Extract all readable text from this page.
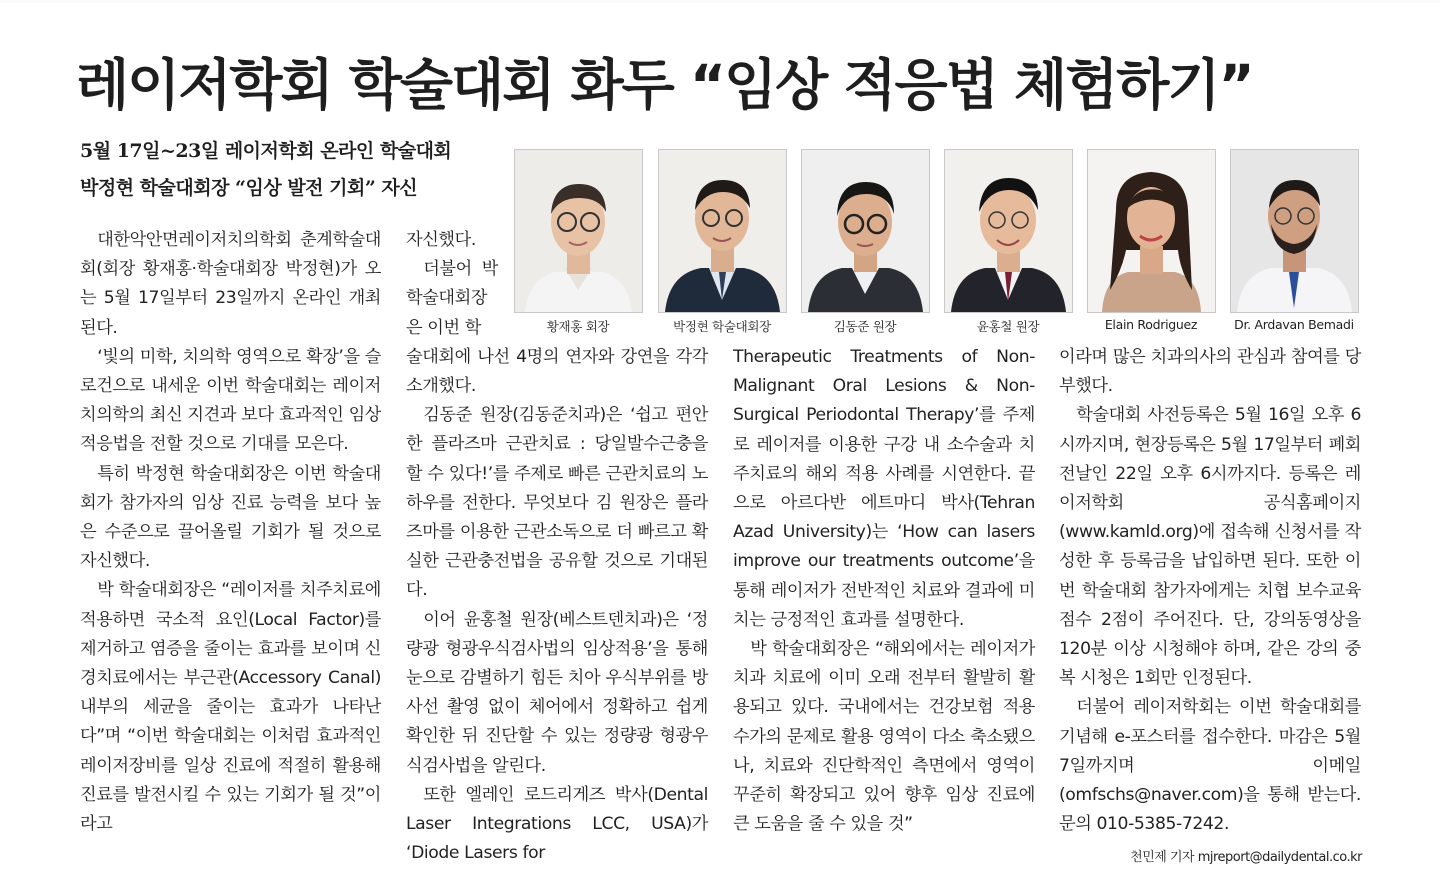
레이저학회 학술대회 화두 “임상 적응법 체험하기”
5월 17일~23일 레이저학회 온라인 학술대회
박정현 학술대회장 “임상 발전 기회” 자신
황재홍 회장	박정현 학술대회장	김동준 원장	윤홍철 원장	Elain Rodriguez	Dr. Ardavan Bemadi

대한악안면레이저치의학회 춘계학술대회(회장 황재홍·학술대회장 박정현)가 오는 5월 17일부터 23일까지 온라인 개최된다.

‘빛의 미학, 치의학 영역으로 확장’을 슬로건으로 내세운 이번 학술대회는 레이저치의학의 최신 지견과 보다 효과적인 임상 적응법을 전할 것으로 기대를 모은다.

특히 박정현 학술대회장은 이번 학술대회가 참가자의 임상 진료 능력을 보다 높은 수준으로 끌어올릴 기회가 될 것으로 자신했다.

박 학술대회장은 “레이저를 치주치료에 적용하면 국소적 요인(Local Factor)를 제거하고 염증을 줄이는 효과를 보이며 신경치료에서는 부근관(Accessory Canal) 내부의 세균을 줄이는 효과가 나타난다”며 “이번 학술대회는 이처럼 효과적인 레이저장비를 일상 진료에 적절히 활용해 진료를 발전시킬 수 있는 기회가 될 것”이라고

자신했다.

더불어 박 학술대회장은 이번 학

술대회에 나선 4명의 연자와 강연을 각각 소개했다.

김동준 원장(김동준치과)은 ‘쉽고 편안한 플라즈마 근관치료 : 당일발수근충을 할 수 있다!’를 주제로 빠른 근관치료의 노하우를 전한다. 무엇보다 김 원장은 플라즈마를 이용한 근관소독으로 더 빠르고 확실한 근관충전법을 공유할 것으로 기대된다.

이어 윤홍철 원장(베스트덴치과)은 ‘정량광 형광우식검사법의 임상적용’을 통해 눈으로 감별하기 힘든 치아 우식부위를 방사선 촬영 없이 체어에서 정확하고 쉽게 확인한 뒤 진단할 수 있는 정량광 형광우식검사법을 알린다.

또한 엘레인 로드리게즈 박사(Dental Laser Integrations LCC, USA)가 ‘Diode Lasers for

Therapeutic Treatments of Non-Malignant Oral Lesions & Non-Surgical Periodontal Therapy’를 주제로 레이저를 이용한 구강 내 소수술과 치주치료의 해외 적용 사례를 시연한다. 끝으로 아르다반 에트마디 박사(Tehran Azad University)는 ‘How can lasers improve our treatments outcome’을 통해 레이저가 전반적인 치료와 결과에 미치는 긍정적인 효과를 설명한다.

박 학술대회장은 “해외에서는 레이저가 치과 치료에 이미 오래 전부터 활발히 활용되고 있다. 국내에서는 건강보험 적용 수가의 문제로 활용 영역이 다소 축소됐으나, 치료와 진단학적인 측면에서 영역이 꾸준히 확장되고 있어 향후 임상 진료에 큰 도움을 줄 수 있을 것”

이라며 많은 치과의사의 관심과 참여를 당부했다.

학술대회 사전등록은 5월 16일 오후 6시까지며, 현장등록은 5월 17일부터 폐회 전날인 22일 오후 6시까지다. 등록은 레이저학회 공식홈페이지(www.kamld.org)에 접속해 신청서를 작성한 후 등록금을 납입하면 된다. 또한 이번 학술대회 참가자에게는 치협 보수교육점수 2점이 주어진다. 단, 강의동영상을 120분 이상 시청해야 하며, 같은 강의 중복 시청은 1회만 인정된다.

더불어 레이저학회는 이번 학술대회를 기념해 e-포스터를 접수한다. 마감은 5월 7일까지며 이메일(omfschs@naver.com)을 통해 받는다. 문의 010-5385-7242.

천민제 기자 mjreport@dailydental.co.kr
